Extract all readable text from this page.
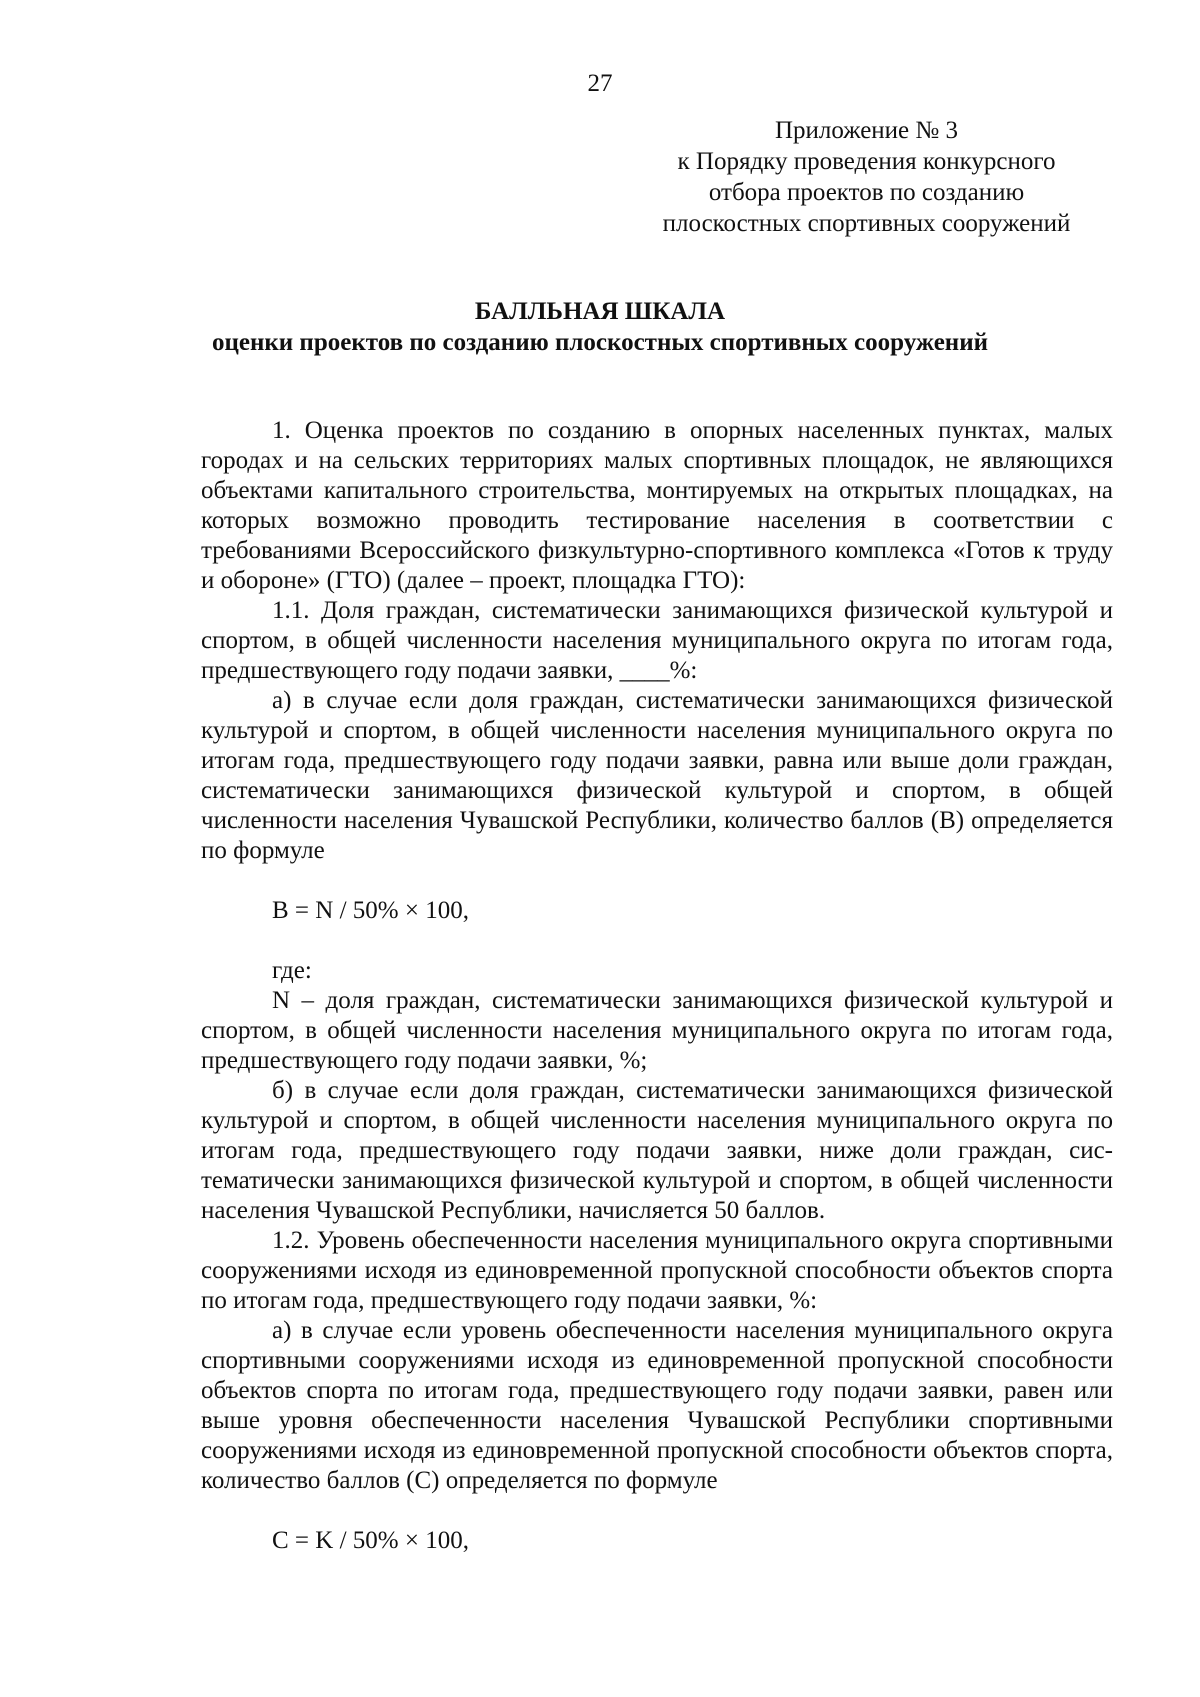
27
Приложение № 3
к Порядку проведения конкурсного
отбора проектов по созданию
плоскостных спортивных сооружений
БАЛЛЬНАЯ ШКАЛА
оценки проектов по созданию плоскостных спортивных сооружений

1. Оценка проектов по созданию в опорных населенных пунктах, малых городах и на сельских территориях малых спортивных площадок, не являющихся объектами капитального строительства, монтируемых на открытых площадках, на которых возможно проводить тестирование населения в соответствии с требованиями Всероссийского физкультурно-спортивного комплекса «Готов к труду и обороне» (ГТО) (далее – проект, площадка ГТО):

1.1. Доля граждан, систематически занимающихся физической культурой и спортом, в общей численности населения муниципального округа по итогам года, предшествующего году подачи заявки, ____%:

а) в случае если доля граждан, систематически занимающихся физической культурой и спортом, в общей численности населения муниципального округа по итогам года, предшествующего году подачи заявки, равна или выше доли граждан, систематически занимающихся физической культурой и спортом, в общей численности населения Чувашской Республики, количество баллов (B) определяется по формуле

B = N / 50% × 100,

где:

N – доля граждан, систематически занимающихся физической культурой и спортом, в общей численности населения муниципального округа по итогам года, предшествующего году подачи заявки, %;

б) в случае если доля граждан, систематически занимающихся физической культурой и спортом, в общей численности населения муниципального округа по итогам года, предшествующего году подачи заявки, ниже доли граждан, систематически занимающихся физической культурой и спортом, в общей численности населения Чувашской Республики, начисляется 50 баллов.

1.2. Уровень обеспеченности населения муниципального округа спортивными сооружениями исходя из единовременной пропускной способности объектов спорта по итогам года, предшествующего году подачи заявки, %:

а) в случае если уровень обеспеченности населения муниципального округа спортивными сооружениями исходя из единовременной пропускной способности объектов спорта по итогам года, предшествующего году подачи заявки, равен или выше уровня обеспеченности населения Чувашской Республики спортивными сооружениями исходя из единовременной пропускной способности объектов спорта, количество баллов (C) определяется по формуле

C = K / 50% × 100,
